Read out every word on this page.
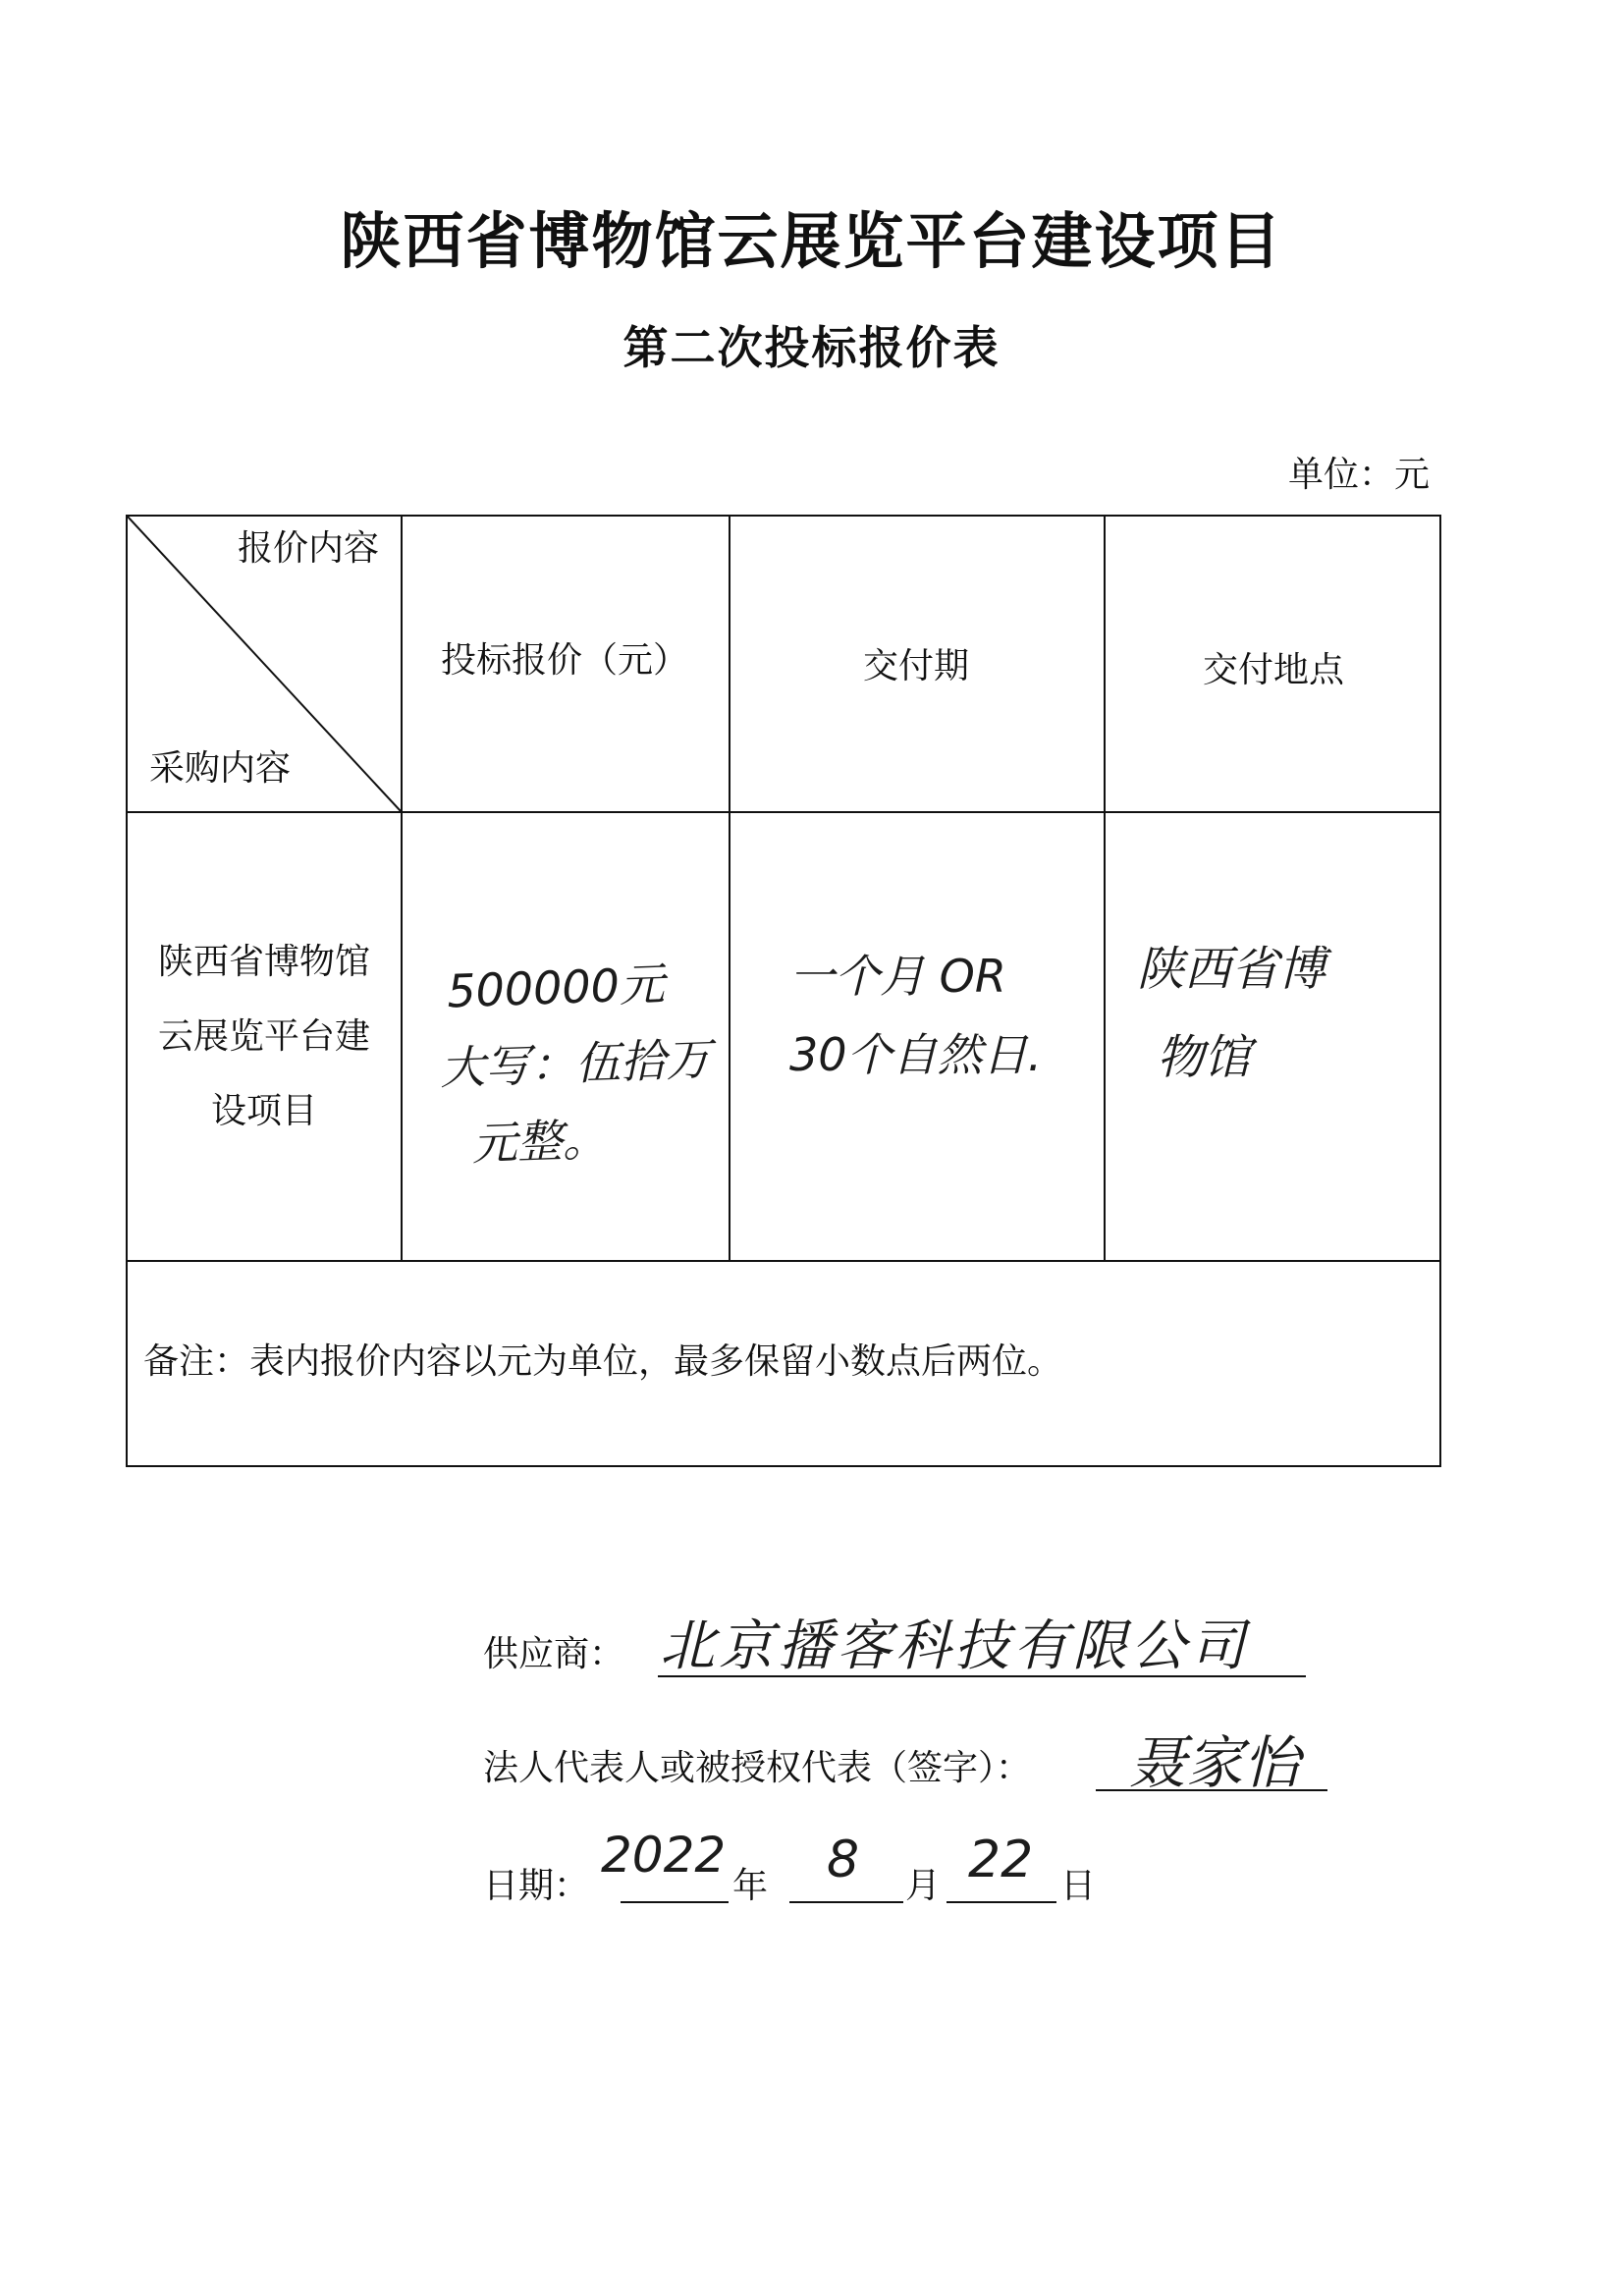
陕西省博物馆云展览平台建设项目
第二次投标报价表
单位：元
报价内容
采购内容
投标报价（元）	交付期	交付地点
陕西省博物馆
云展览平台建
设项目
500000元
大写：伍拾万
元整。
一个月 OR
30个自然日.
陕西省博
物馆
备注：表内报价内容以元为单位，最多保留小数点后两位。
供应商： 北京播客科技有限公司
法人代表人或被授权代表（签字）： 聂家怡
日期：
2022
年 8 月 22 日
